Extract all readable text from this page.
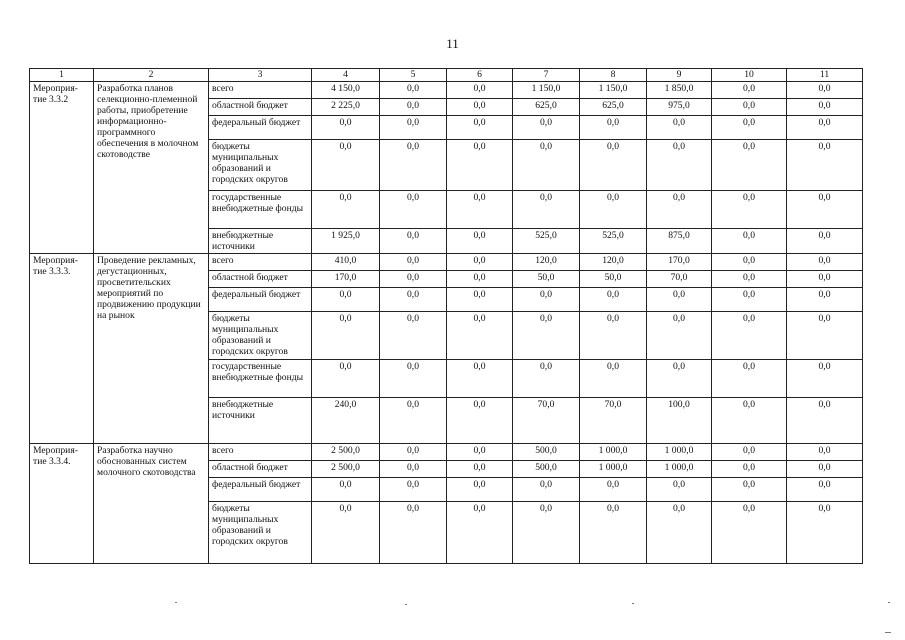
11
1	2	3	4	5	6	7	8	9	10	11
Мероприя-тие 3.3.2	Разработка планов селекционно-племенной работы, приобретение информационно-программного обеспечения в молочном скотоводстве	всего	4 150,0	0,0	0,0	1 150,0	1 150,0	1 850,0	0,0	0,0
		областной бюджет	2 225,0	0,0	0,0	625,0	625,0	975,0	0,0	0,0
		федеральный бюджет	0,0	0,0	0,0	0,0	0,0	0,0	0,0	0,0
		бюджеты муниципальных образований и городских округов	0,0	0,0	0,0	0,0	0,0	0,0	0,0	0,0
		государственные внебюджетные фонды	0,0	0,0	0,0	0,0	0,0	0,0	0,0	0,0
		внебюджетные источники	1 925,0	0,0	0,0	525,0	525,0	875,0	0,0	0,0
Мероприя-тие 3.3.3.	Проведение рекламных, дегустационных, просветительских мероприятий по продвижению продукции на рынок	всего	410,0	0,0	0,0	120,0	120,0	170,0	0,0	0,0
		областной бюджет	170,0	0,0	0,0	50,0	50,0	70,0	0,0	0,0
		федеральный бюджет	0,0	0,0	0,0	0,0	0,0	0,0	0,0	0,0
		бюджеты муниципальных образований и городских округов	0,0	0,0	0,0	0,0	0,0	0,0	0,0	0,0
		государственные внебюджетные фонды	0,0	0,0	0,0	0,0	0,0	0,0	0,0	0,0
		внебюджетные источники	240,0	0,0	0,0	70,0	70,0	100,0	0,0	0,0
Мероприя-тие 3.3.4.	Разработка научно обоснованных систем молочного скотоводства	всего	2 500,0	0,0	0,0	500,0	1 000,0	1 000,0	0,0	0,0
		областной бюджет	2 500,0	0,0	0,0	500,0	1 000,0	1 000,0	0,0	0,0
		федеральный бюджет	0,0	0,0	0,0	0,0	0,0	0,0	0,0	0,0
		бюджеты муниципальных образований и городских округов	0,0	0,0	0,0	0,0	0,0	0,0	0,0	0,0
